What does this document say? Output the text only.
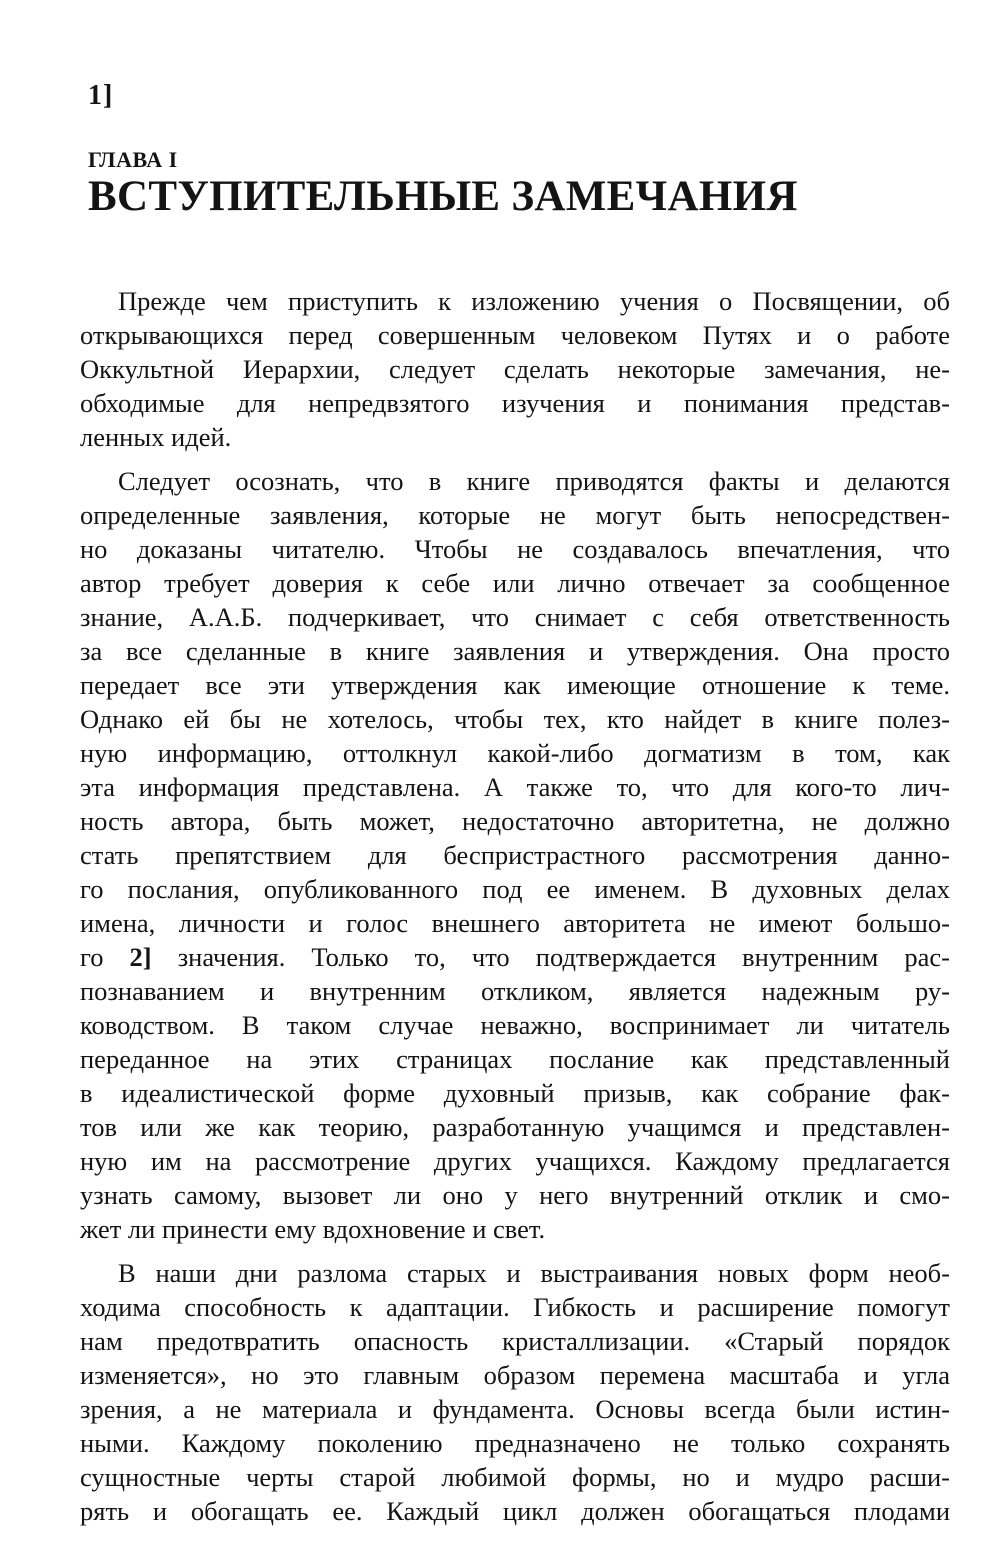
1]
ГЛАВА I
ВСТУПИТЕЛЬНЫЕ ЗАМЕЧАНИЯ
Прежде чем приступить к изложению учения о Посвящении, об
открывающихся перед совершенным человеком Путях и о работе
Оккультной Иерархии, следует сделать некоторые замечания, не-
обходимые для непредвзятого изучения и понимания представ-
ленных идей.
Следует осознать, что в книге приводятся факты и делаются
определенные заявления, которые не могут быть непосредствен-
но доказаны читателю. Чтобы не создавалось впечатления, что
автор требует доверия к себе или лично отвечает за сообщенное
знание, А.А.Б. подчеркивает, что снимает с себя ответственность
за все сделанные в книге заявления и утверждения. Она просто
передает все эти утверждения как имеющие отношение к теме.
Однако ей бы не хотелось, чтобы тех, кто найдет в книге полез-
ную информацию, оттолкнул какой-либо догматизм в том, как
эта информация представлена. А также то, что для кого-то лич-
ность автора, быть может, недостаточно авторитетна, не должно
стать препятствием для беспристрастного рассмотрения данно-
го послания, опубликованного под ее именем. В духовных делах
имена, личности и голос внешнего авторитета не имеют большо-
го 2] значения. Только то, что подтверждается внутренним рас-
познаванием и внутренним откликом, является надежным ру-
ководством. В таком случае неважно, воспринимает ли читатель
переданное на этих страницах послание как представленный
в идеалистической форме духовный призыв, как собрание фак-
тов или же как теорию, разработанную учащимся и представлен-
ную им на рассмотрение других учащихся. Каждому предлагается
узнать самому, вызовет ли оно у него внутренний отклик и смо-
жет ли принести ему вдохновение и свет.
В наши дни разлома старых и выстраивания новых форм необ-
ходима способность к адаптации. Гибкость и расширение помогут
нам предотвратить опасность кристаллизации. «Старый порядок
изменяется», но это главным образом перемена масштаба и угла
зрения, а не материала и фундамента. Основы всегда были истин-
ными. Каждому поколению предназначено не только сохранять
сущностные черты старой любимой формы, но и мудро расши-
рять и обогащать ее. Каждый цикл должен обогащаться плодами
